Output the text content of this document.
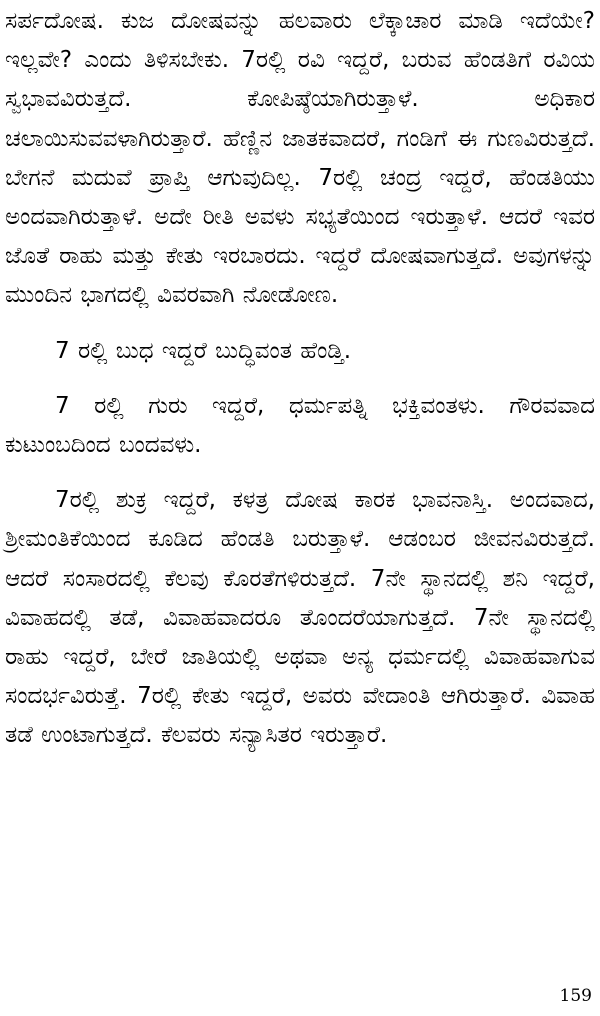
ಸರ್ಪದೋಷ. ಕುಜ ದೋಷವನ್ನು ಹಲವಾರು ಲೆಕ್ಕಾಚಾರ ಮಾಡಿ ಇದೆಯೇ? ಇಲ್ಲವೇ? ಎಂದು ತಿಳಿಸಬೇಕು. 7ರಲ್ಲಿ ರವಿ ಇದ್ದರೆ, ಬರುವ ಹೆಂಡತಿಗೆ ರವಿಯ ಸ್ವಭಾವವಿರುತ್ತದೆ. ಕೋಪಿಷ್ಠೆಯಾಗಿರುತ್ತಾಳೆ. ಅಧಿಕಾರ ಚಲಾಯಿಸುವವಳಾಗಿರುತ್ತಾರೆ. ಹೆಣ್ಣಿನ ಜಾತಕವಾದರೆ, ಗಂಡಿಗೆ ಈ ಗುಣವಿರುತ್ತದೆ. ಬೇಗನೆ ಮದುವೆ ಪ್ರಾಪ್ತಿ ಆಗುವುದಿಲ್ಲ. 7ರಲ್ಲಿ ಚಂದ್ರ ಇದ್ದರೆ, ಹೆಂಡತಿಯು ಅಂದವಾಗಿರುತ್ತಾಳೆ. ಅದೇ ರೀತಿ ಅವಳು ಸಭ್ಯತೆಯಿಂದ ಇರುತ್ತಾಳೆ. ಆದರೆ ಇವರ ಜೊತೆ ರಾಹು ಮತ್ತು ಕೇತು ಇರಬಾರದು. ಇದ್ದರೆ ದೋಷವಾಗುತ್ತದೆ. ಅವುಗಳನ್ನು ಮುಂದಿನ ಭಾಗದಲ್ಲಿ ವಿವರವಾಗಿ ನೋಡೋಣ.

7 ರಲ್ಲಿ ಬುಧ ಇದ್ದರೆ ಬುದ್ಧಿವಂತ ಹೆಂಡ್ತಿ.

7 ರಲ್ಲಿ ಗುರು ಇದ್ದರೆ, ಧರ್ಮಪತ್ನಿ ಭಕ್ತಿವಂತಳು. ಗೌರವವಾದ ಕುಟುಂಬದಿಂದ ಬಂದವಳು.

7ರಲ್ಲಿ ಶುಕ್ರ ಇದ್ದರೆ, ಕಳತ್ರ ದೋಷ ಕಾರಕ ಭಾವನಾಸ್ತಿ. ಅಂದವಾದ, ಶ್ರೀಮಂತಿಕೆಯಿಂದ ಕೂಡಿದ ಹೆಂಡತಿ ಬರುತ್ತಾಳೆ. ಆಡಂಬರ ಜೀವನವಿರುತ್ತದೆ. ಆದರೆ ಸಂಸಾರದಲ್ಲಿ ಕೆಲವು ಕೊರತೆಗಳಿರುತ್ತದೆ. 7ನೇ ಸ್ಥಾನದಲ್ಲಿ ಶನಿ ಇದ್ದರೆ, ವಿವಾಹದಲ್ಲಿ ತಡೆ, ವಿವಾಹವಾದರೂ ತೊಂದರೆಯಾಗುತ್ತದೆ. 7ನೇ ಸ್ಥಾನದಲ್ಲಿ ರಾಹು ಇದ್ದರೆ, ಬೇರೆ ಜಾತಿಯಲ್ಲಿ ಅಥವಾ ಅನ್ಯ ಧರ್ಮದಲ್ಲಿ ವಿವಾಹವಾಗುವ ಸಂದರ್ಭವಿರುತ್ತೆ. 7ರಲ್ಲಿ ಕೇತು ಇದ್ದರೆ, ಅವರು ವೇದಾಂತಿ ಆಗಿರುತ್ತಾರೆ. ವಿವಾಹ ತಡೆ ಉಂಟಾಗುತ್ತದೆ. ಕೆಲವರು ಸನ್ಯಾಸಿತರ ಇರುತ್ತಾರೆ.

159
